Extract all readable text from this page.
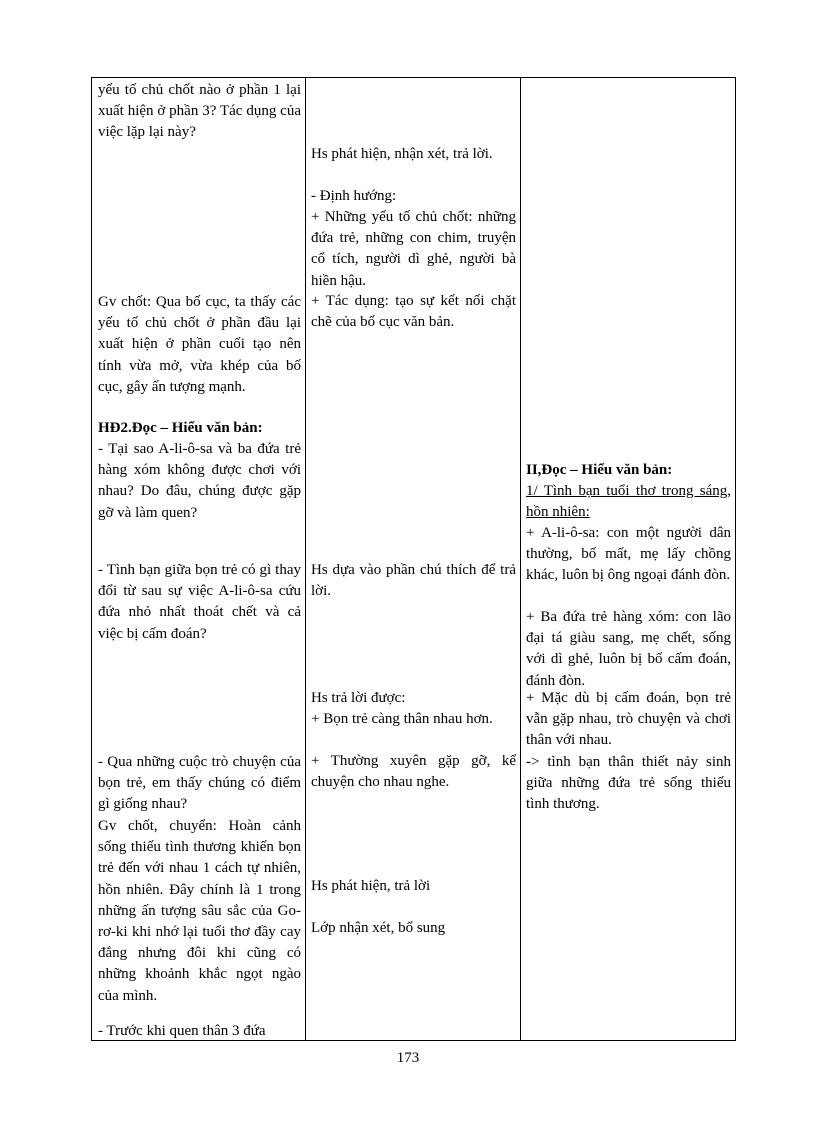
yếu tố chủ chốt nào ở phần 1 lại xuất hiện ở phần 3? Tác dụng của việc lặp lại này?
Gv chốt: Qua bố cục, ta thấy các yếu tố chủ chốt ở phần đầu lại xuất hiện ở phần cuối tạo nên tính vừa mở, vừa khép của bố cục, gây ấn tượng mạnh.
HĐ2.Đọc – Hiểu văn bản:
- Tại sao A-li-ô-sa và ba đứa trẻ hàng xóm không được chơi với nhau? Do đâu, chúng được gặp gỡ và làm quen?
- Tình bạn giữa bọn trẻ có gì thay đổi từ sau sự việc A-li-ô-sa cứu đứa nhỏ nhất thoát chết và cả việc bị cấm đoán?
- Qua những cuộc trò chuyện của bọn trẻ, em thấy chúng có điểm gì giống nhau?
Gv chốt, chuyển: Hoàn cảnh sống thiếu tình thương khiến bọn trẻ đến với nhau 1 cách tự nhiên, hồn nhiên. Đây chính là 1 trong những ấn tượng sâu sắc của Go-rơ-ki khi nhớ lại tuổi thơ đầy cay đắng nhưng đôi khi cũng có những khoảnh khắc ngọt ngào của mình.
- Trước khi quen thân 3 đứa
Hs phát hiện, nhận xét, trả lời.
- Định hướng:
+ Những yếu tố chủ chốt: những đứa trẻ, những con chim, truyện cổ tích, người dì ghẻ, người bà hiền hậu.
+ Tác dụng: tạo sự kết nối chặt chẽ của bố cục văn bản.
Hs dựa vào phần chú thích để trả lời.
Hs trả lời được:
+ Bọn trẻ càng thân nhau hơn.
+ Thường xuyên gặp gỡ, kể chuyện cho nhau nghe.
Hs phát hiện, trả lời
Lớp nhận xét, bổ sung
II,Đọc – Hiểu văn bản:
1/ Tình bạn tuổi thơ trong sáng, hồn nhiên:
+ A-li-ô-sa: con một người dân thường, bố mất, mẹ lấy chồng khác, luôn bị ông ngoại đánh đòn.
+ Ba đứa trẻ hàng xóm: con lão đại tá giàu sang, mẹ chết, sống với dì ghẻ, luôn bị bố cấm đoán, đánh đòn.
+ Mặc dù bị cấm đoán, bọn trẻ vẫn gặp nhau, trò chuyện và chơi thân với nhau.
-> tình bạn thân thiết nảy sinh giữa những đứa trẻ sống thiếu tình thương.
173
